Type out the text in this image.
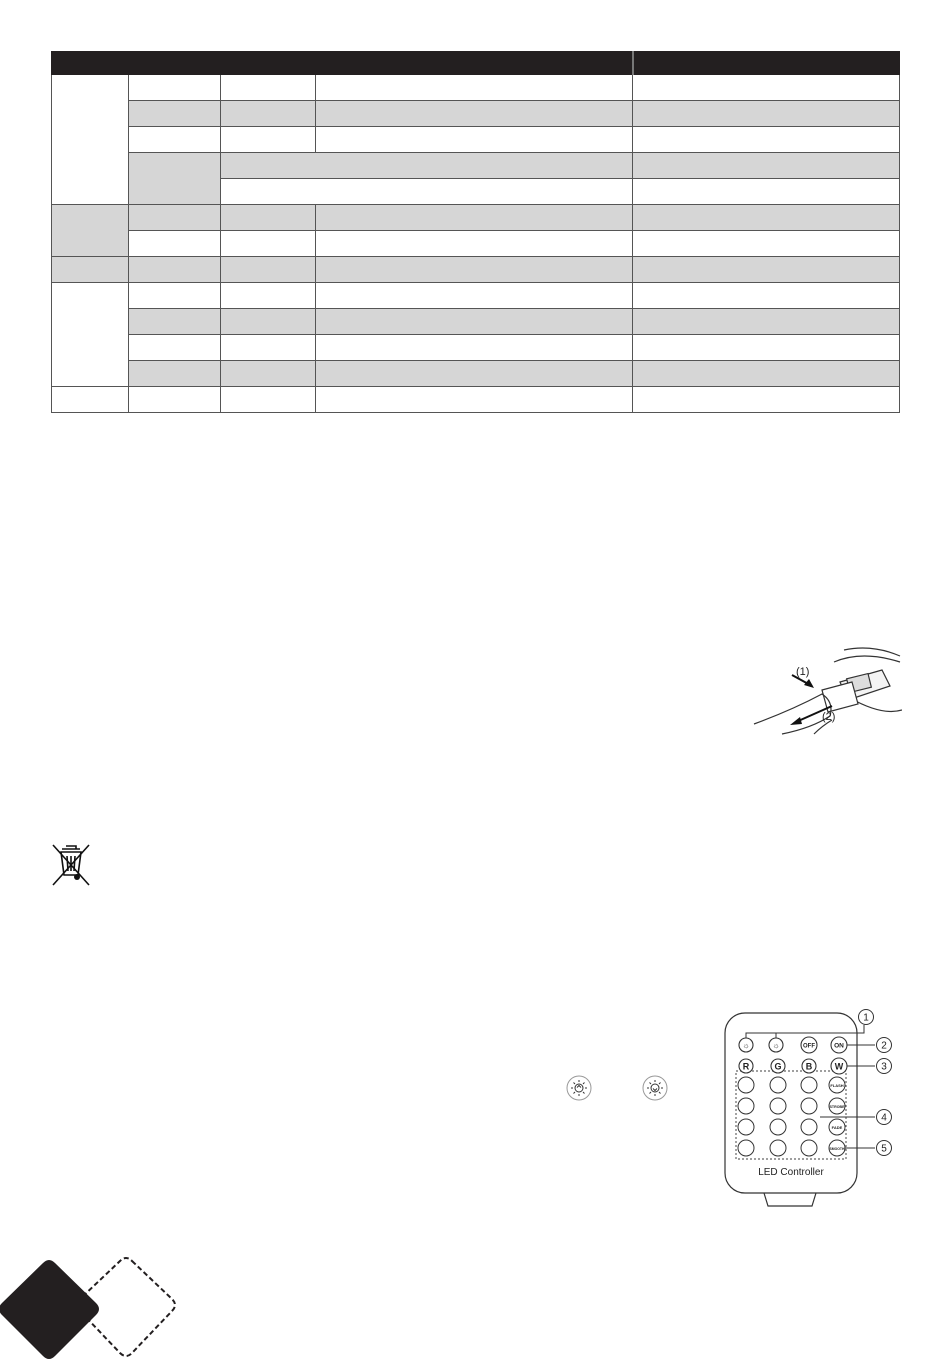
(1)
(2)
☼	☼	OFF	ON
R	G	B	W
FLASH
STROBE
FADE
SMOOTH
LED Controller
1
2
3
4
5
